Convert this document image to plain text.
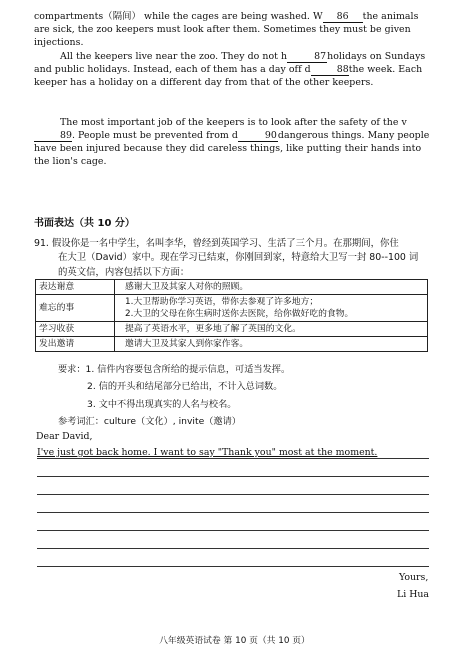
compartments（隔间） while the cages are being washed. W 86 the animals are sick, the zoo keepers must look after them. Sometimes they must be given injections.
All the keepers live near the zoo. They do not h	87holidays on Sundays and public holidays. Instead, each of them has a day off d	88the week. Each keeper has a holiday on a different day from that of the other keepers.
The most important job of the keepers is to look after the safety of the v89. People must be prevented from d	90dangerous things. Many people have been injured because they did careless things, like putting their hands into the lion's cage.
书面表达（共 10 分）
91. 假设你是一名中学生，名叫李华，曾经到英国学习、生活了三个月。在那期间，你住
在大卫（David）家中。现在学习已结束，你刚回到家，特意给大卫写一封 80--100 词
表达谢意	感谢大卫及其家人对你的照顾。
难忘的事	1.大卫帮助你学习英语，带你去参观了许多地方；
2.大卫的父母在你生病时送你去医院，给你做好吃的食物。

学习收获	提高了英语水平，更多地了解了英国的文化。
发出邀请	邀请大卫及其家人到你家作客。
的英文信，内容包括以下方面：
要求：1. 信件内容要包含所给的提示信息，可适当发挥。
2. 信的开头和结尾部分已给出，不计入总词数。
3. 文中不得出现真实的人名与校名。
参考词汇：culture（文化）, invite（邀请）
Dear David,
I've just got back home. I want to say "Thank you" most at the moment.
Yours,
Li Hua
八年级英语试卷 第 10 页（共 10 页）
